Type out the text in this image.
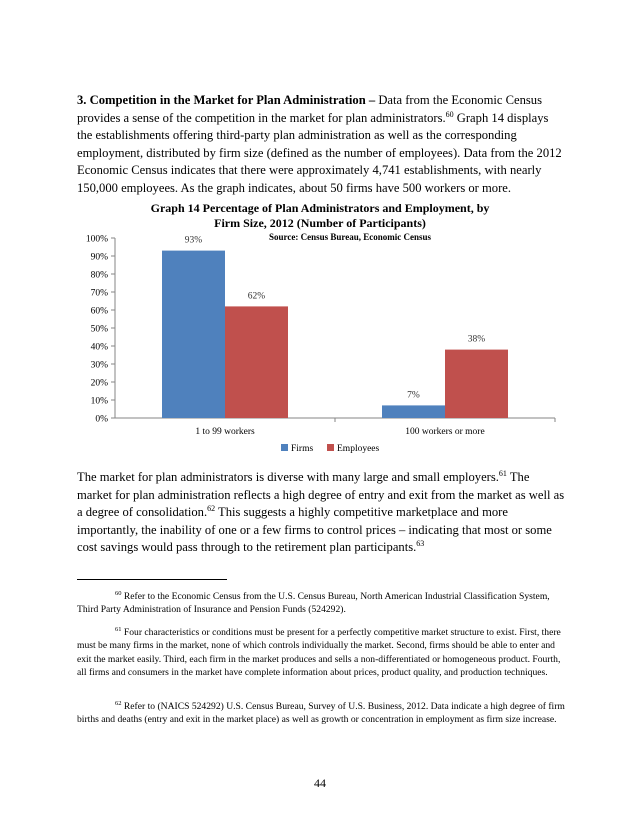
3. Competition in the Market for Plan Administration – Data from the Economic Census provides a sense of the competition in the market for plan administrators.$^{60}$ Graph 14 displays the establishments offering third-party plan administration as well as the corresponding employment, distributed by firm size (defined as the number of employees). Data from the 2012 Economic Census indicates that there were approximately 4,741 establishments, with nearly 150,000 employees. As the graph indicates, about 50 firms have 500 workers or more.

Graph 14 Percentage of Plan Administrators and Employment, by
Firm Size, 2012 (Number of Participants)
Source: Census Bureau, Economic Census
0%
10%
20%
30%
40%
50%
60%
70%
80%
90%
100%	93%
62%
7%
38%
1 to 99 workers	100 workers or more
Firms	Employees

The market for plan administrators is diverse with many large and small employers.$^{61}$ The market for plan administration reflects a high degree of entry and exit from the market as well as a degree of consolidation.$^{62}$ This suggests a highly competitive marketplace and more importantly, the inability of one or a few firms to control prices – indicating that most or some cost savings would pass through to the retirement plan participants.$^{63}$

$^{60}$ Refer to the Economic Census from the U.S. Census Bureau, North American Industrial Classification System, Third Party Administration of Insurance and Pension Funds (524292).

$^{61}$ Four characteristics or conditions must be present for a perfectly competitive market structure to exist. First, there must be many firms in the market, none of which controls individually the market. Second, firms should be able to enter and exit the market easily. Third, each firm in the market produces and sells a non-differentiated or homogeneous product. Fourth, all firms and consumers in the market have complete information about prices, product quality, and production techniques.

$^{62}$ Refer to (NAICS 524292) U.S. Census Bureau, Survey of U.S. Business, 2012. Data indicate a high degree of firm births and deaths (entry and exit in the market place) as well as growth or concentration in employment as firm size increase.

44
